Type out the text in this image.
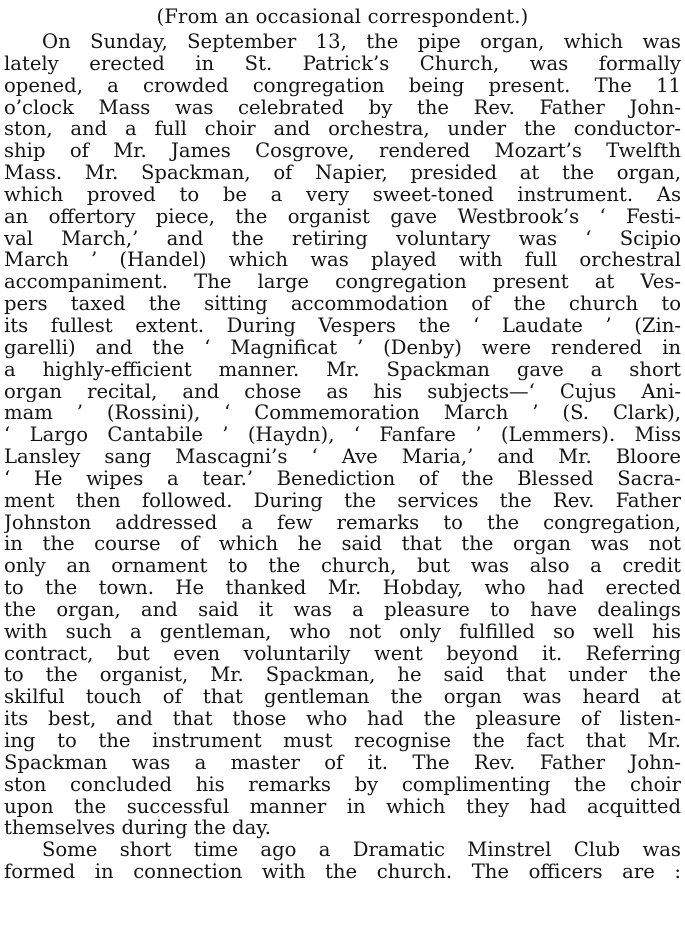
(From an occasional correspondent.)

On Sunday, September 13, the pipe organ, which was
lately erected in St. Patrick’s Church, was formally
opened, a crowded congregation being present. The 11
o’clock Mass was celebrated by the Rev. Father John-
ston, and a full choir and orchestra, under the conductor-
ship of Mr. James Cosgrove, rendered Mozart’s Twelfth
Mass. Mr. Spackman, of Napier, presided at the organ,
which proved to be a very sweet-toned instrument. As
an offertory piece, the organist gave Westbrook’s ‘ Festi-
val March,’ and the retiring voluntary was ‘ Scipio
March ’ (Handel) which was played with full orchestral
accompaniment. The large congregation present at Ves-
pers taxed the sitting accommodation of the church to
its fullest extent. During Vespers the ‘ Laudate ’ (Zin-
garelli) and the ‘ Magnificat ’ (Denby) were rendered in
a highly-efficient manner. Mr. Spackman gave a short
organ recital, and chose as his subjects—‘ Cujus Ani-
mam ’ (Rossini), ‘ Commemoration March ’ (S. Clark),
‘ Largo Cantabile ’ (Haydn), ‘ Fanfare ’ (Lemmers). Miss
Lansley sang Mascagni’s ‘ Ave Maria,’ and Mr. Bloore
‘ He wipes a tear.’ Benediction of the Blessed Sacra-
ment then followed. During the services the Rev. Father
Johnston addressed a few remarks to the congregation,
in the course of which he said that the organ was not
only an ornament to the church, but was also a credit
to the town. He thanked Mr. Hobday, who had erected
the organ, and said it was a pleasure to have dealings
with such a gentleman, who not only fulfilled so well his
contract, but even voluntarily went beyond it. Referring
to the organist, Mr. Spackman, he said that under the
skilful touch of that gentleman the organ was heard at
its best, and that those who had the pleasure of listen-
ing to the instrument must recognise the fact that Mr.
Spackman was a master of it. The Rev. Father John-
ston concluded his remarks by complimenting the choir
upon the successful manner in which they had acquitted
themselves during the day.
Some short time ago a Dramatic Minstrel Club was
formed in connection with the church. The officers are :
